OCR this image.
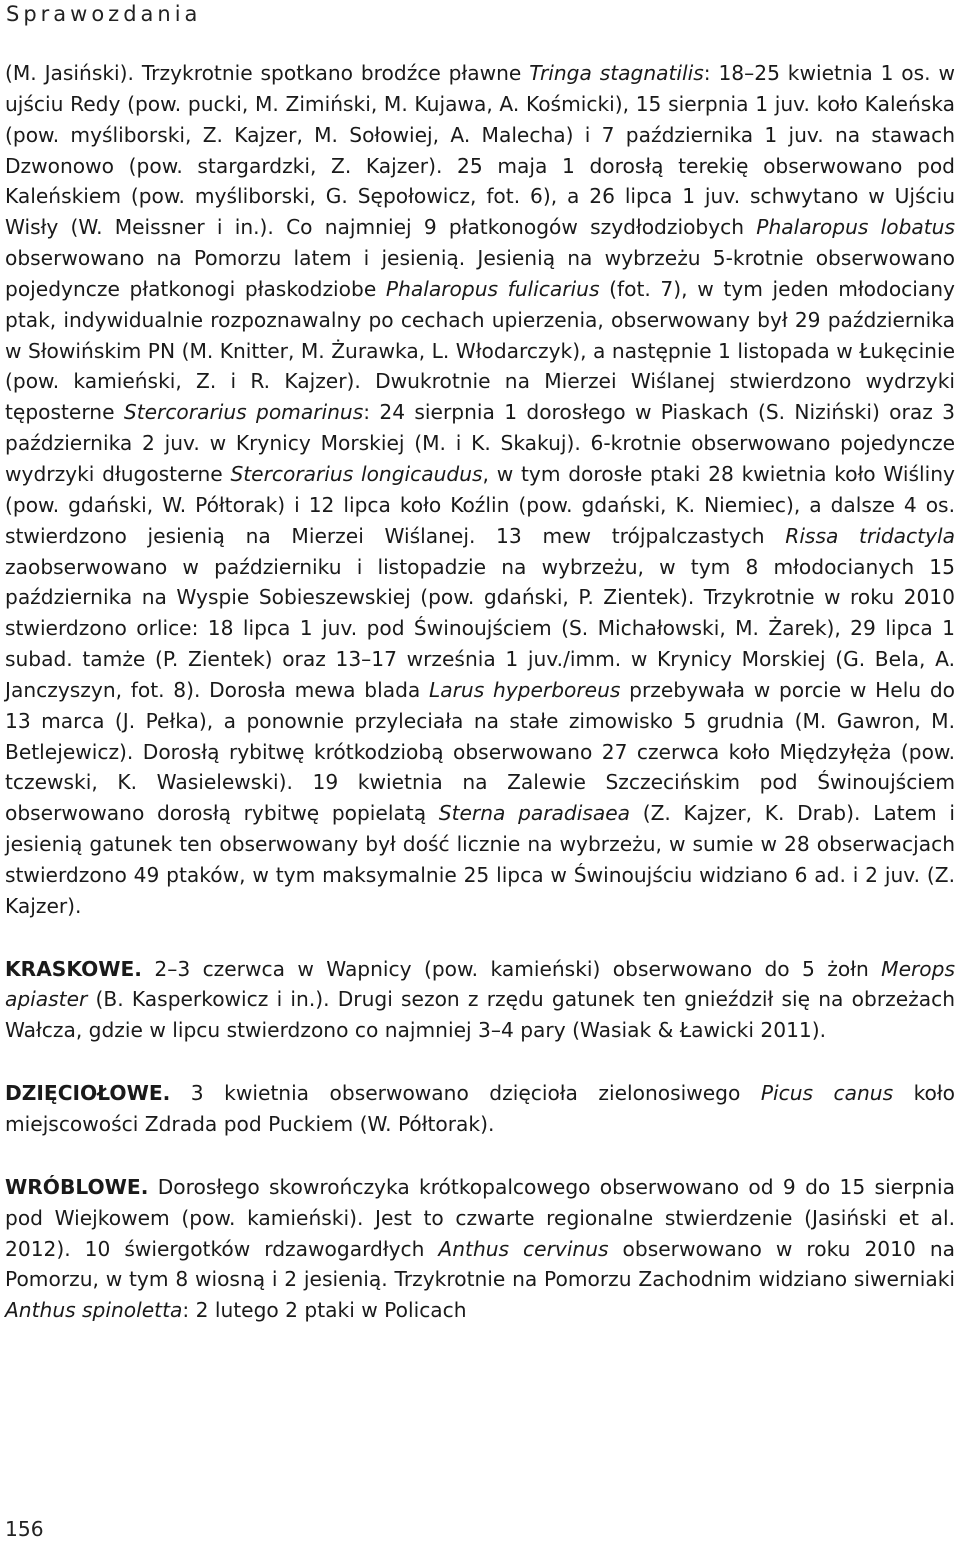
Sprawozdania

(M. Jasiński). Trzykrotnie spotkano brodźce pławne Tringa stagnatilis: 18–25 kwietnia 1 os. w ujściu Redy (pow. pucki, M. Zimiński, M. Kujawa, A. Kośmicki), 15 sierpnia 1 juv. koło Kaleńska (pow. myśliborski, Z. Kajzer, M. Sołowiej, A. Malecha) i 7 października 1 juv. na stawach Dzwonowo (pow. stargardzki, Z. Kajzer). 25 maja 1 dorosłą terekię obserwowano pod Kaleńskiem (pow. myśliborski, G. Sępołowicz, fot. 6), a 26 lipca 1 juv. schwytano w Ujściu Wisły (W. Meissner i in.). Co najmniej 9 płatkonogów szydłodziobych Phalaropus lobatus obserwowano na Pomorzu latem i jesienią. Jesienią na wybrzeżu 5-krotnie obserwowano pojedyncze płatkonogi płaskodziobe Phalaropus fulicarius (fot. 7), w tym jeden młodociany ptak, indywidualnie rozpoznawalny po cechach upierzenia, obserwowany był 29 października w Słowińskim PN (M. Knitter, M. Żurawka, L. Włodarczyk), a następnie 1 listopada w Łukęcinie (pow. kamieński, Z. i R. Kajzer). Dwukrotnie na Mierzei Wiślanej stwierdzono wydrzyki tęposterne Stercorarius pomarinus: 24 sierpnia 1 dorosłego w Piaskach (S. Niziński) oraz 3 października 2 juv. w Krynicy Morskiej (M. i K. Skakuj). 6-krotnie obserwowano pojedyncze wydrzyki długosterne Stercorarius longicaudus, w tym dorosłe ptaki 28 kwietnia koło Wiśliny (pow. gdański, W. Półtorak) i 12 lipca koło Koźlin (pow. gdański, K. Niemiec), a dalsze 4 os. stwierdzono jesienią na Mierzei Wiślanej. 13 mew trójpalczastych Rissa tridactyla zaobserwowano w październiku i listopadzie na wybrzeżu, w tym 8 młodocianych 15 października na Wyspie Sobieszewskiej (pow. gdański, P. Zientek). Trzykrotnie w roku 2010 stwierdzono orlice: 18 lipca 1 juv. pod Świnoujściem (S. Michałowski, M. Żarek), 29 lipca 1 subad. tamże (P. Zientek) oraz 13–17 września 1 juv./imm. w Krynicy Morskiej (G. Bela, A. Janczyszyn, fot. 8). Dorosła mewa blada Larus hyperboreus przebywała w porcie w Helu do 13 marca (J. Pełka), a ponownie przyleciała na stałe zimowisko 5 grudnia (M. Gawron, M. Betlejewicz). Dorosłą rybitwę krótkodziobą obserwowano 27 czerwca koło Międzyłęża (pow. tczewski, K. Wasielewski). 19 kwietnia na Zalewie Szczecińskim pod Świnoujściem obserwowano dorosłą rybitwę popielatą Sterna paradisaea (Z. Kajzer, K. Drab). Latem i jesienią gatunek ten obserwowany był dość licznie na wybrzeżu, w sumie w 28 obserwacjach stwierdzono 49 ptaków, w tym maksymalnie 25 lipca w Świnoujściu widziano 6 ad. i 2 juv. (Z. Kajzer).

KRASKOWE. 2–3 czerwca w Wapnicy (pow. kamieński) obserwowano do 5 żołn Merops apiaster (B. Kasperkowicz i in.). Drugi sezon z rzędu gatunek ten gnieździł się na obrzeżach Wałcza, gdzie w lipcu stwierdzono co najmniej 3–4 pary (Wasiak & Ławicki 2011).

DZIĘCIOŁOWE. 3 kwietnia obserwowano dzięcioła zielonosiwego Picus canus koło miejscowości Zdrada pod Puckiem (W. Półtorak).

WRÓBLOWE. Dorosłego skowrończyka krótkopalcowego obserwowano od 9 do 15 sierpnia pod Wiejkowem (pow. kamieński). Jest to czwarte regionalne stwierdzenie (Jasiński et al. 2012). 10 świergotków rdzawogardłych Anthus cervinus obserwowano w roku 2010 na Pomorzu, w tym 8 wiosną i 2 jesienią. Trzykrotnie na Pomorzu Zachodnim widziano siwerniaki Anthus spinoletta: 2 lutego 2 ptaki w Policach

156
